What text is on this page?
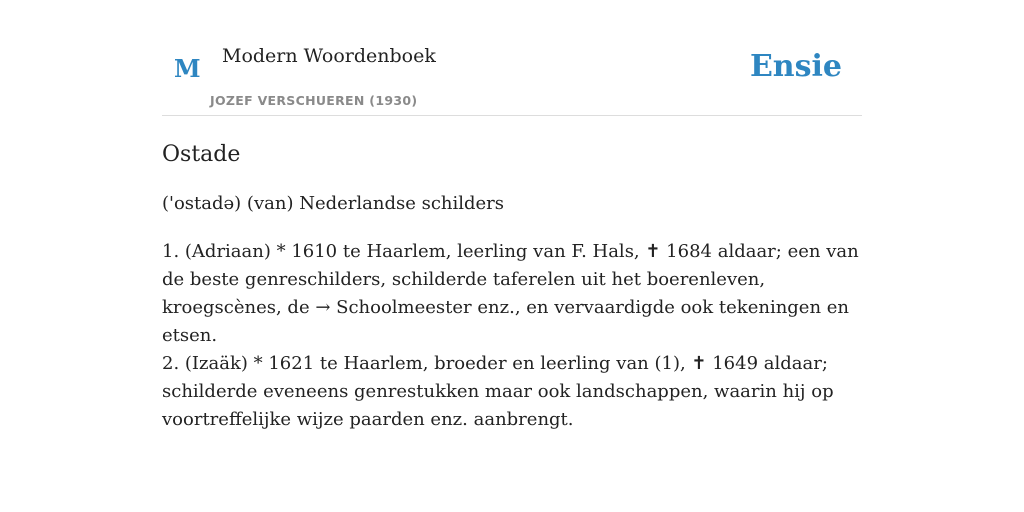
M Modern Woordenboek
JOZEF VERSCHUEREN (1930)
Ensie
Ostade
('ostadə) (van) Nederlandse schilders

1. (Adriaan) * 1610 te Haarlem, leerling van F. Hals, ✝ 1684 aldaar; een van de beste genreschilders, schilderde taferelen uit het boerenleven, kroegscènes, de → Schoolmeester enz., en vervaardigde ook tekeningen en etsen.

2. (Izaäk) * 1621 te Haarlem, broeder en leerling van (1), ✝ 1649 aldaar; schilderde eveneens genrestukken maar ook landschappen, waarin hij op voortreffelijke wijze paarden enz. aanbrengt.
